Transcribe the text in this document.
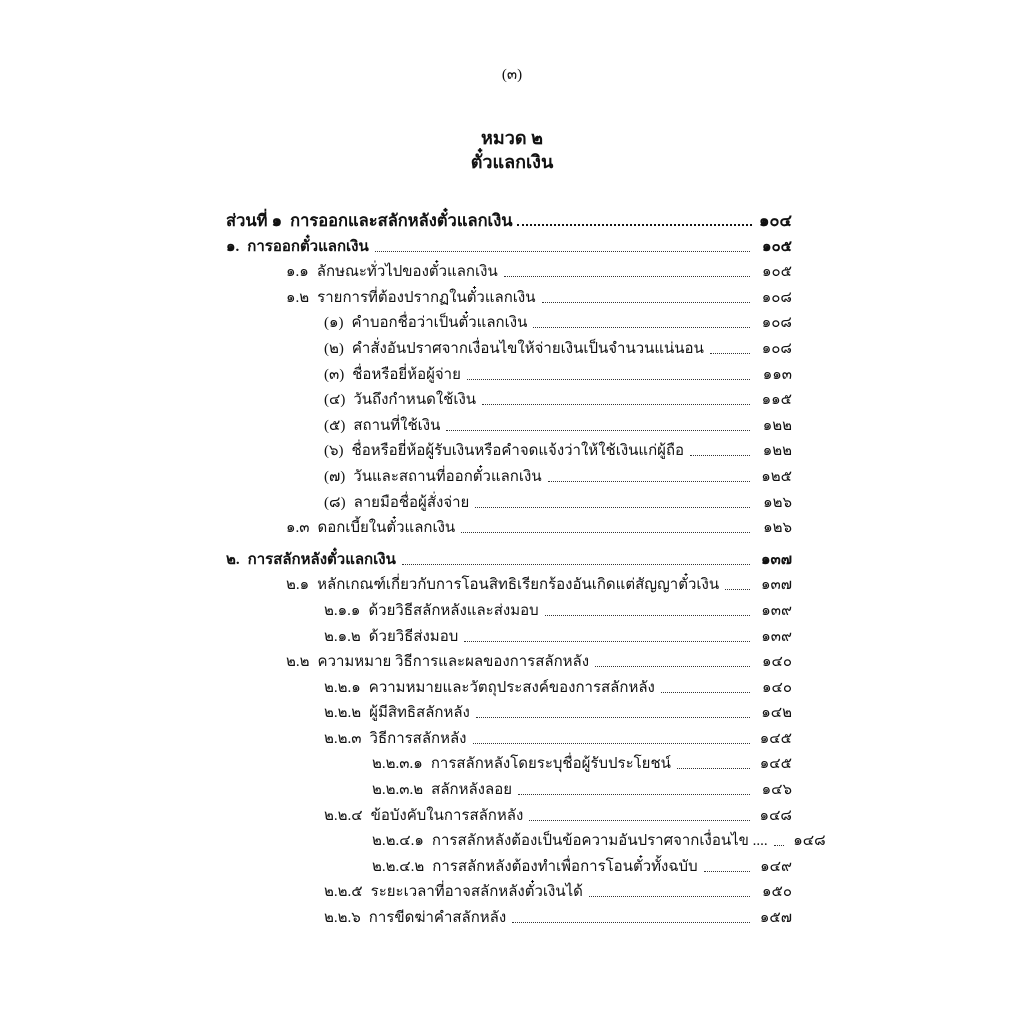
(๓)
หมวด ๒
ตั๋วแลกเงิน
ส่วนที่ ๑ การออกและสลักหลังตั๋วแลกเงิน	๑๐๔
๑. การออกตั๋วแลกเงิน	๑๐๕
๑.๑ ลักษณะทั่วไปของตั๋วแลกเงิน	๑๐๕
๑.๒ รายการที่ต้องปรากฏในตั๋วแลกเงิน	๑๐๘
(๑) คำบอกชื่อว่าเป็นตั๋วแลกเงิน	๑๐๘
(๒) คำสั่งอันปราศจากเงื่อนไขให้จ่ายเงินเป็นจำนวนแน่นอน	๑๐๘
(๓) ชื่อหรือยี่ห้อผู้จ่าย	๑๑๓
(๔) วันถึงกำหนดใช้เงิน	๑๑๕
(๕) สถานที่ใช้เงิน	๑๒๒
(๖) ชื่อหรือยี่ห้อผู้รับเงินหรือคำจดแจ้งว่าให้ใช้เงินแก่ผู้ถือ	๑๒๒
(๗) วันและสถานที่ออกตั๋วแลกเงิน	๑๒๕
(๘) ลายมือชื่อผู้สั่งจ่าย	๑๒๖
๑.๓ ดอกเบี้ยในตั๋วแลกเงิน	๑๒๖
๒. การสลักหลังตั๋วแลกเงิน	๑๓๗
๒.๑ หลักเกณฑ์เกี่ยวกับการโอนสิทธิเรียกร้องอันเกิดแต่สัญญาตั๋วเงิน	๑๓๗
๒.๑.๑ ด้วยวิธีสลักหลังและส่งมอบ	๑๓๙
๒.๑.๒ ด้วยวิธีส่งมอบ	๑๓๙
๒.๒ ความหมาย วิธีการและผลของการสลักหลัง	๑๔๐
๒.๒.๑ ความหมายและวัตถุประสงค์ของการสลักหลัง	๑๔๐
๒.๒.๒ ผู้มีสิทธิสลักหลัง	๑๔๒
๒.๒.๓ วิธีการสลักหลัง	๑๔๕
๒.๒.๓.๑ การสลักหลังโดยระบุชื่อผู้รับประโยชน์	๑๔๕
๒.๒.๓.๒ สลักหลังลอย	๑๔๖
๒.๒.๔ ข้อบังคับในการสลักหลัง	๑๔๘
๒.๒.๔.๑ การสลักหลังต้องเป็นข้อความอันปราศจากเงื่อนไข .... ๑๔๘
๒.๒.๔.๒ การสลักหลังต้องทำเพื่อการโอนตั๋วทั้งฉบับ	๑๔๙
๒.๒.๕ ระยะเวลาที่อาจสลักหลังตั๋วเงินได้	๑๕๐
๒.๒.๖ การขีดฆ่าคำสลักหลัง	๑๕๗
